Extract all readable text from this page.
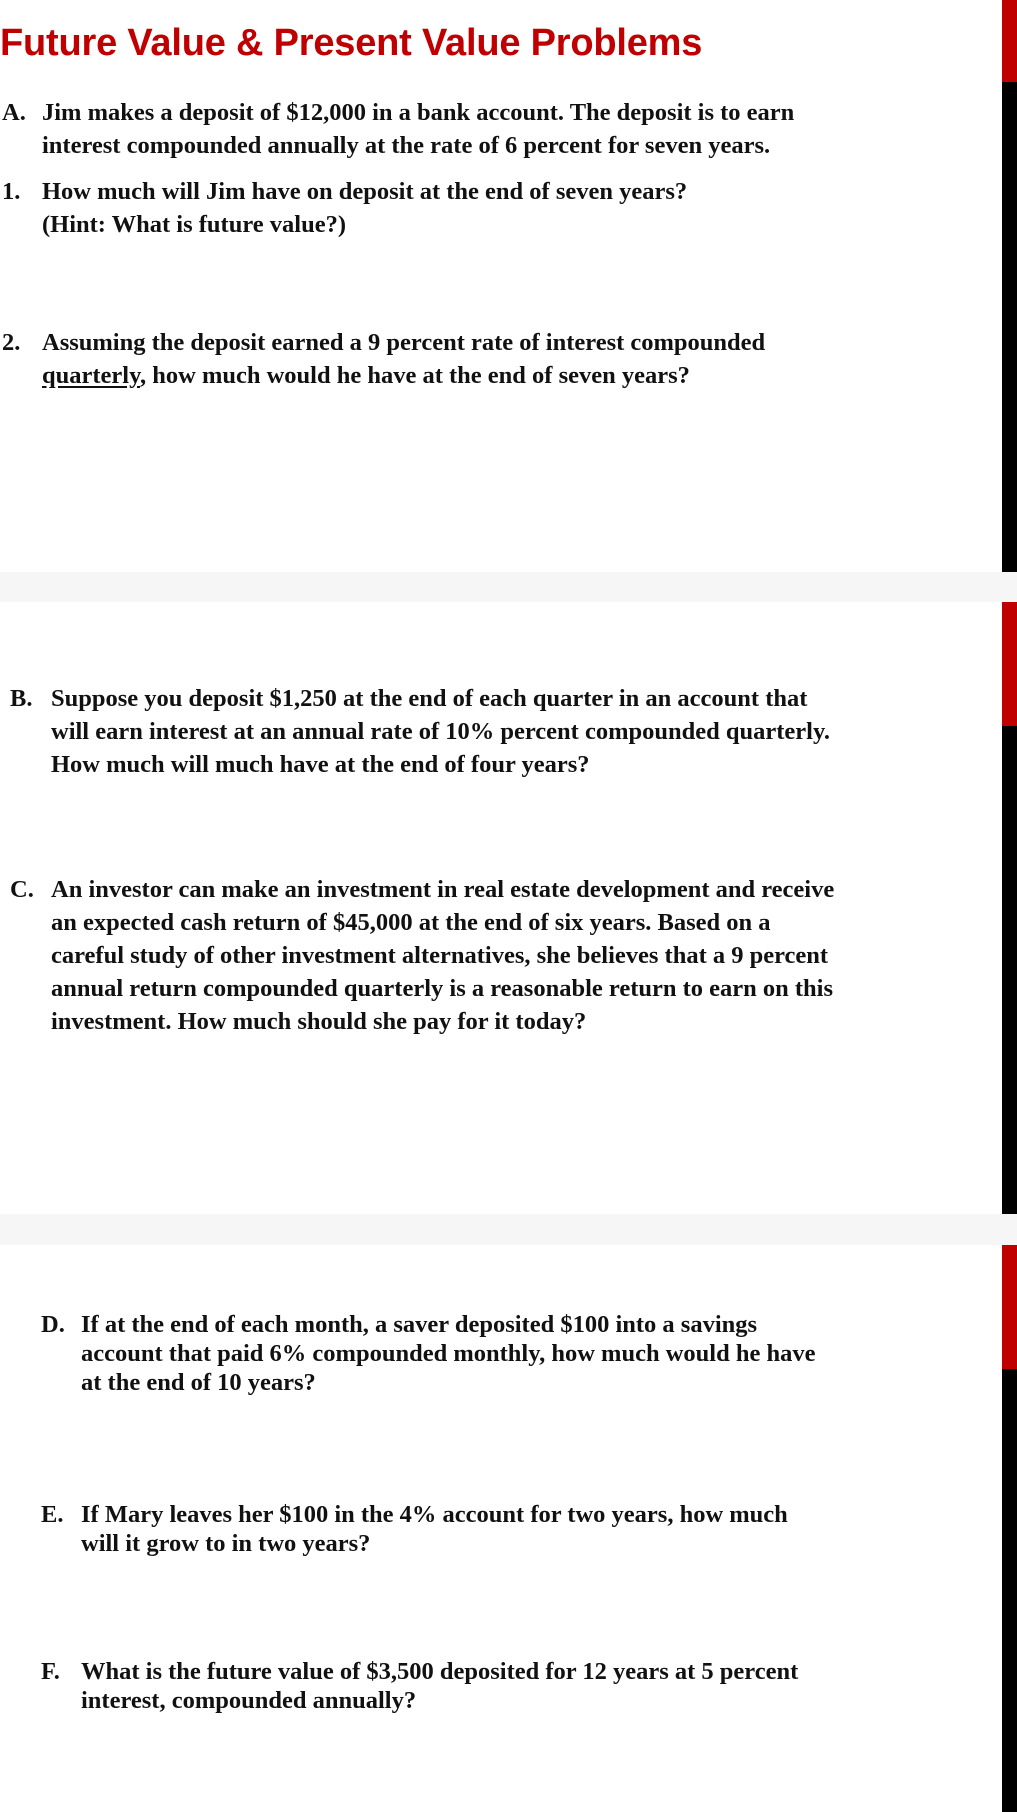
Future Value & Present Value Problems
A. Jim makes a deposit of $12,000 in a bank account. The deposit is to earn
interest compounded annually at the rate of 6 percent for seven years.
1. How much will Jim have on deposit at the end of seven years?
(Hint: What is future value?)
2. Assuming the deposit earned a 9 percent rate of interest compounded
quarterly, how much would he have at the end of seven years?
B. Suppose you deposit $1,250 at the end of each quarter in an account that
will earn interest at an annual rate of 10% percent compounded quarterly.
How much will much have at the end of four years?
C. An investor can make an investment in real estate development and receive
an expected cash return of $45,000 at the end of six years. Based on a
careful study of other investment alternatives, she believes that a 9 percent
annual return compounded quarterly is a reasonable return to earn on this
investment. How much should she pay for it today?
D. If at the end of each month, a saver deposited $100 into a savings
account that paid 6% compounded monthly, how much would he have
at the end of 10 years?
E. If Mary leaves her $100 in the 4% account for two years, how much
will it grow to in two years?
F. What is the future value of $3,500 deposited for 12 years at 5 percent
interest, compounded annually?
